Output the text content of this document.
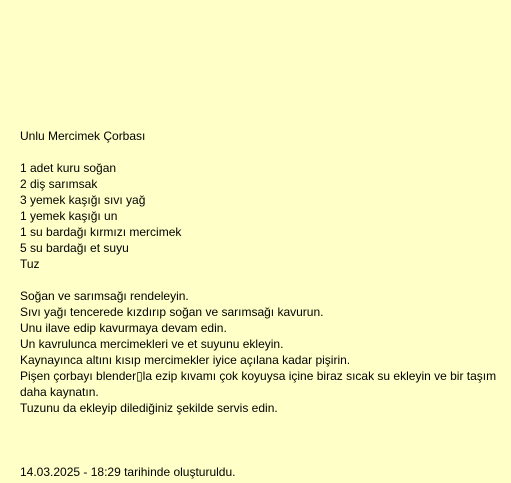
Unlu Mercimek Çorbası

1 adet kuru soğan
2 diş sarımsak
3 yemek kaşığı sıvı yağ
1 yemek kaşığı un
1 su bardağı kırmızı mercimek
5 su bardağı et suyu
Tuz
Soğan ve sarımsağı rendeleyin.
Sıvı yağı tencerede kızdırıp soğan ve sarımsağı kavurun.
Unu ilave edip kavurmaya devam edin.
Un kavrulunca mercimekleri ve et suyunu ekleyin.
Kaynayınca altını kısıp mercimekler iyice açılana kadar pişirin.
Pişen çorbayı blender▯la ezip kıvamı çok koyuysa içine biraz sıcak su ekleyin ve bir taşım daha kaynatın.
Tuzunu da ekleyip dilediğiniz şekilde servis edin.

14.03.2025 - 18:29 tarihinde oluşturuldu.
